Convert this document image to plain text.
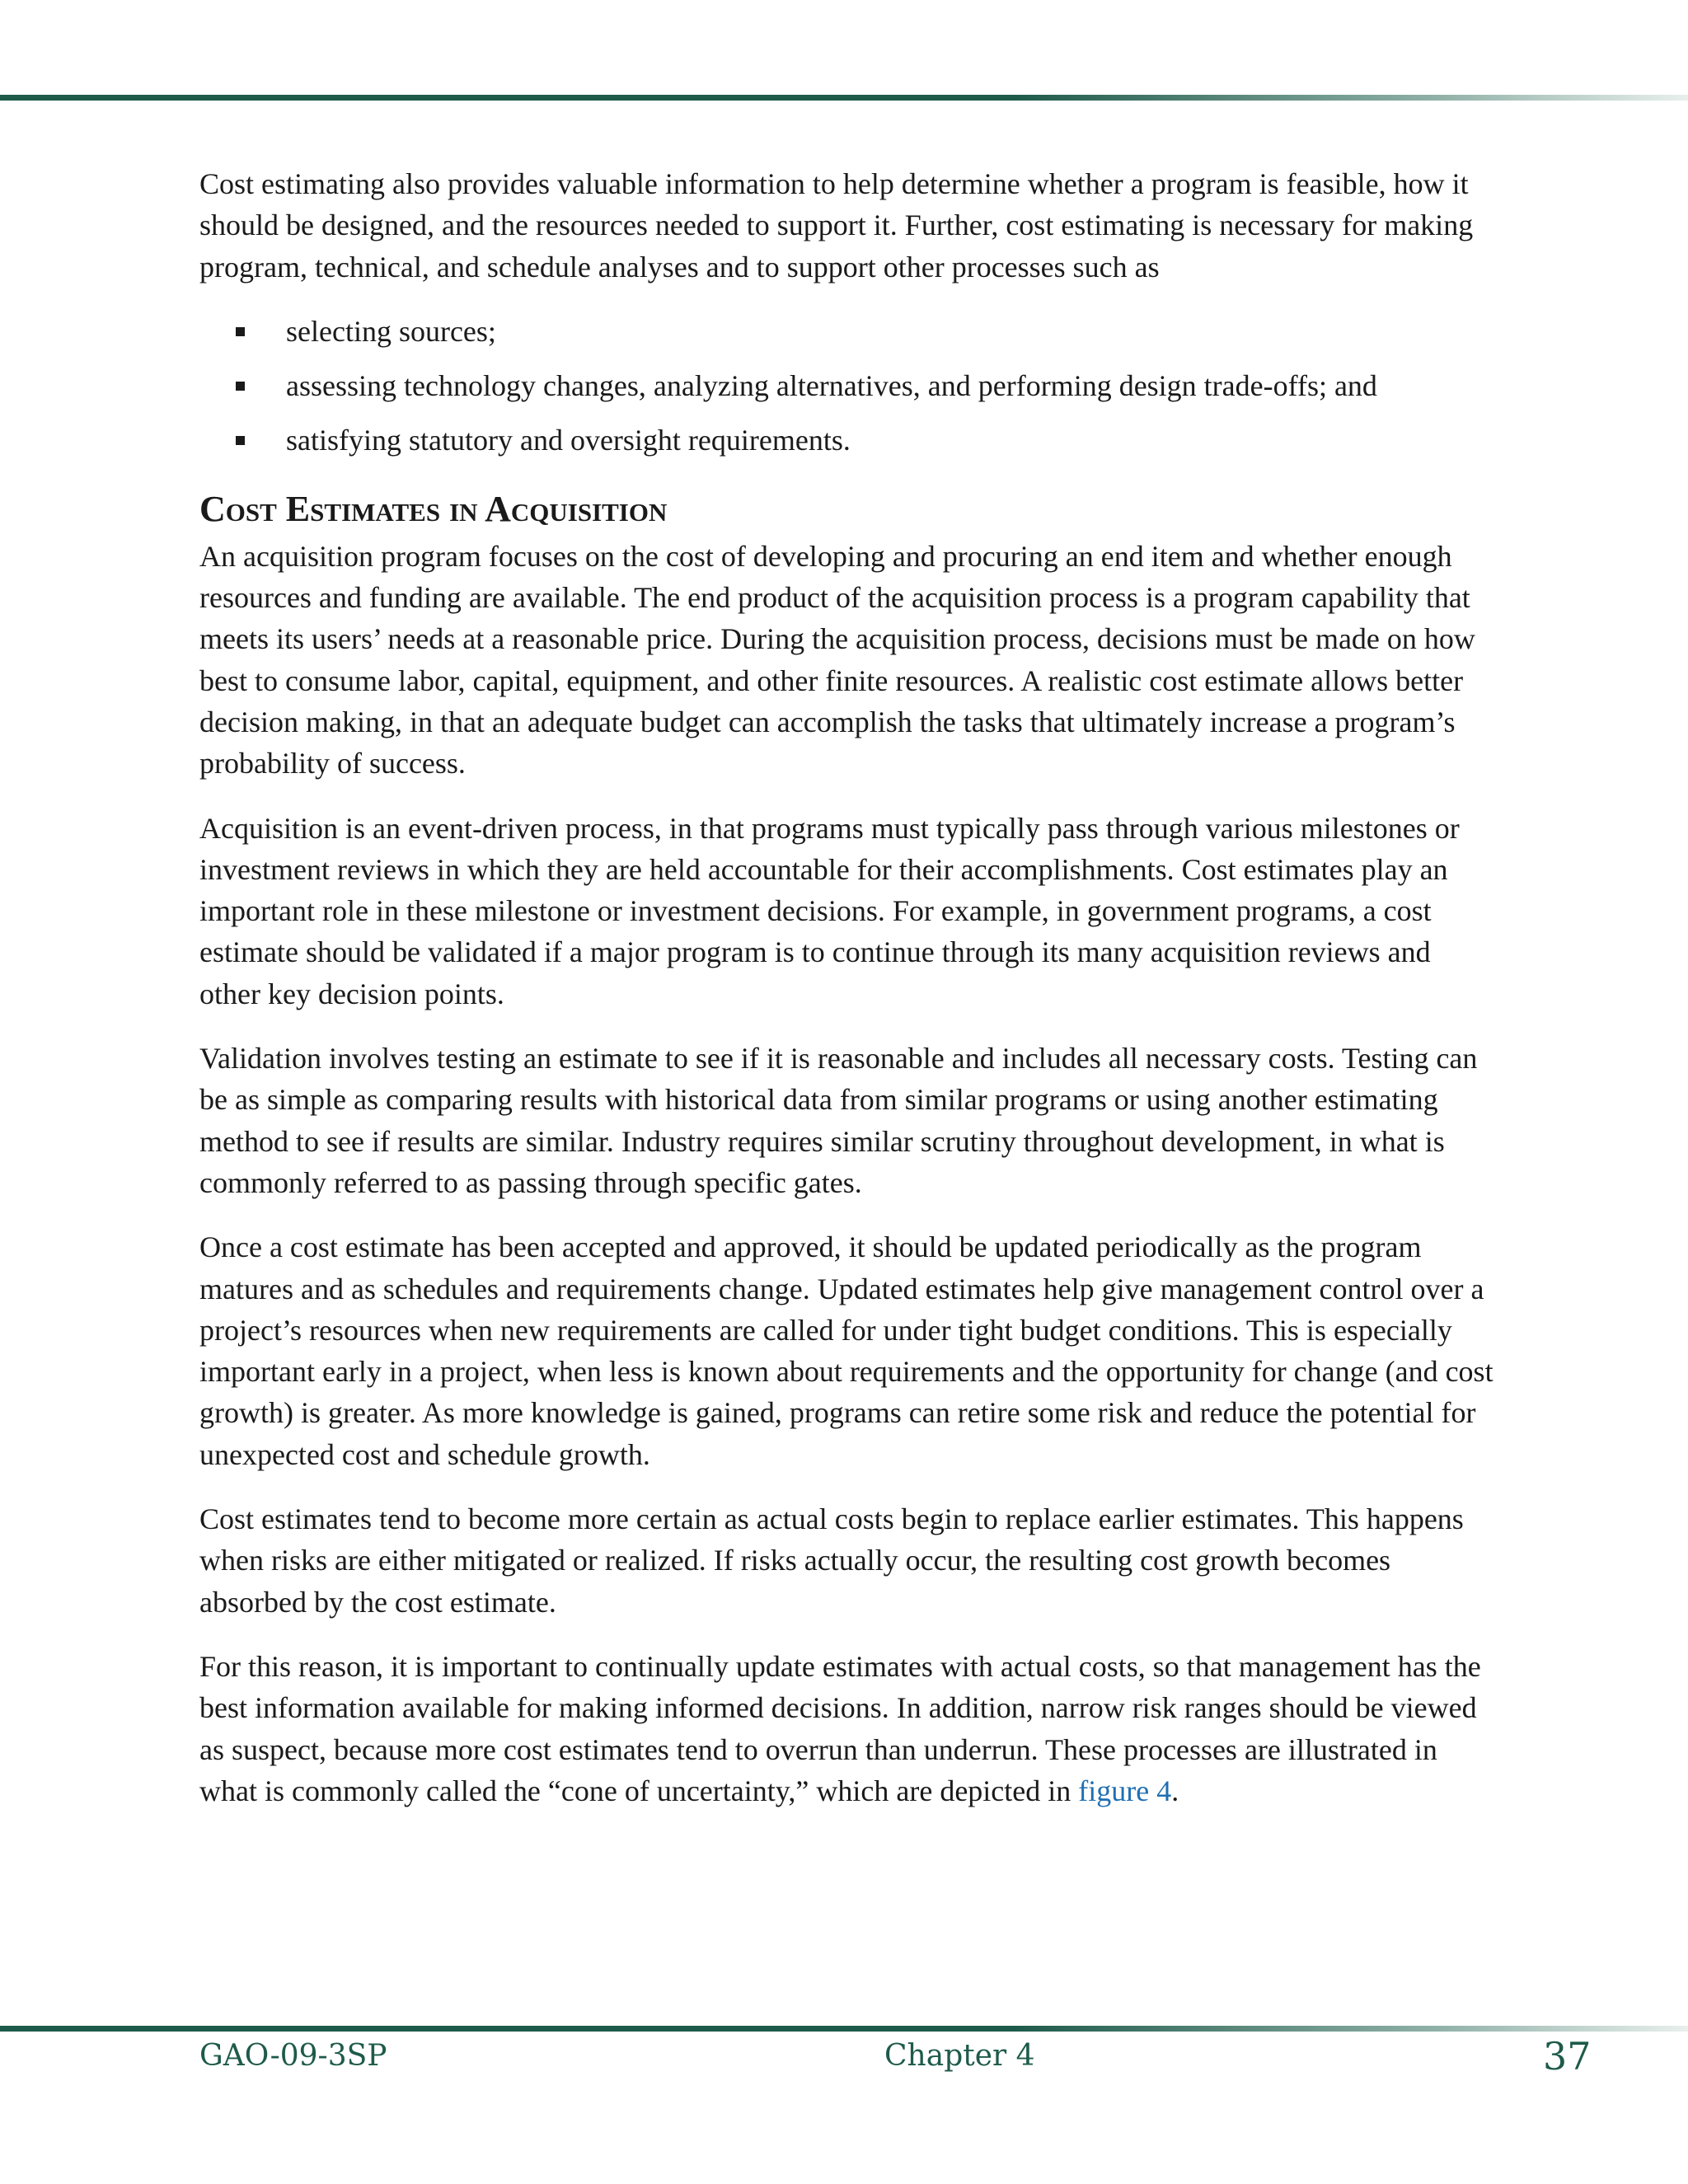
Cost estimating also provides valuable information to help determine whether a program is feasible, how it should be designed, and the resources needed to support it. Further, cost estimating is necessary for making program, technical, and schedule analyses and to support other processes such as

selecting sources;
assessing technology changes, analyzing alternatives, and performing design trade-offs; and
satisfying statutory and oversight requirements.
Cost Estimates in Acquisition

An acquisition program focuses on the cost of developing and procuring an end item and whether enough resources and funding are available. The end product of the acquisition process is a program capability that meets its users’ needs at a reasonable price. During the acquisition process, decisions must be made on how best to consume labor, capital, equipment, and other finite resources. A realistic cost estimate allows better decision making, in that an adequate budget can accomplish the tasks that ultimately increase a program’s probability of success.

Acquisition is an event-driven process, in that programs must typically pass through various milestones or investment reviews in which they are held accountable for their accomplishments. Cost estimates play an important role in these milestone or investment decisions. For example, in government programs, a cost estimate should be validated if a major program is to continue through its many acquisition reviews and other key decision points.

Validation involves testing an estimate to see if it is reasonable and includes all necessary costs. Testing can be as simple as comparing results with historical data from similar programs or using another estimating method to see if results are similar. Industry requires similar scrutiny throughout development, in what is commonly referred to as passing through specific gates.

Once a cost estimate has been accepted and approved, it should be updated periodically as the program matures and as schedules and requirements change. Updated estimates help give management control over a project’s resources when new requirements are called for under tight budget conditions. This is especially important early in a project, when less is known about requirements and the opportunity for change (and cost growth) is greater. As more knowledge is gained, programs can retire some risk and reduce the potential for unexpected cost and schedule growth.

Cost estimates tend to become more certain as actual costs begin to replace earlier estimates. This happens when risks are either mitigated or realized. If risks actually occur, the resulting cost growth becomes absorbed by the cost estimate.

For this reason, it is important to continually update estimates with actual costs, so that management has the best information available for making informed decisions. In addition, narrow risk ranges should be viewed as suspect, because more cost estimates tend to overrun than underrun. These processes are illustrated in what is commonly called the “cone of uncertainty,” which are depicted in figure 4.

GAO-09-3SP	Chapter 4	37
